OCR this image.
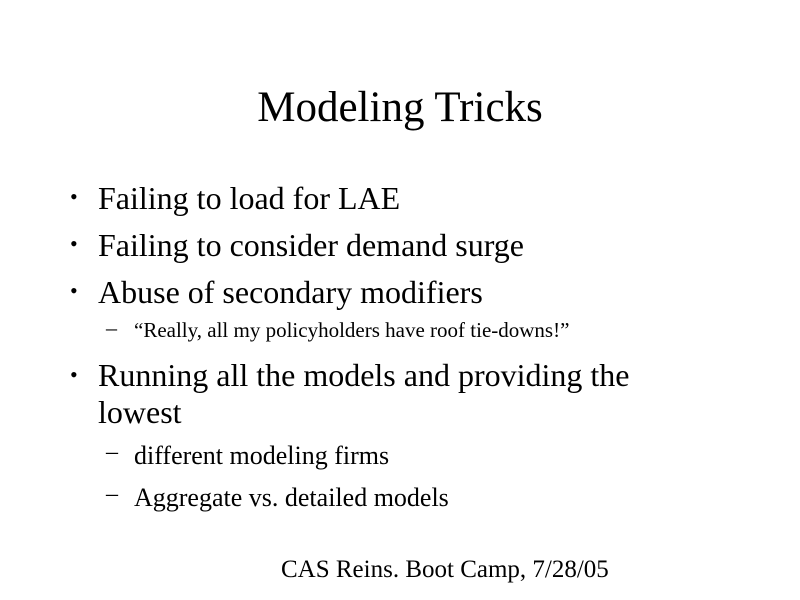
Modeling Tricks
• Failing to load for LAE
• Failing to consider demand surge
• Abuse of secondary modifiers
– “Really, all my policyholders have roof tie-downs!”
• Running all the models and providing the
lowest
– different modeling firms
– Aggregate vs. detailed models
CAS Reins. Boot Camp, 7/28/05
